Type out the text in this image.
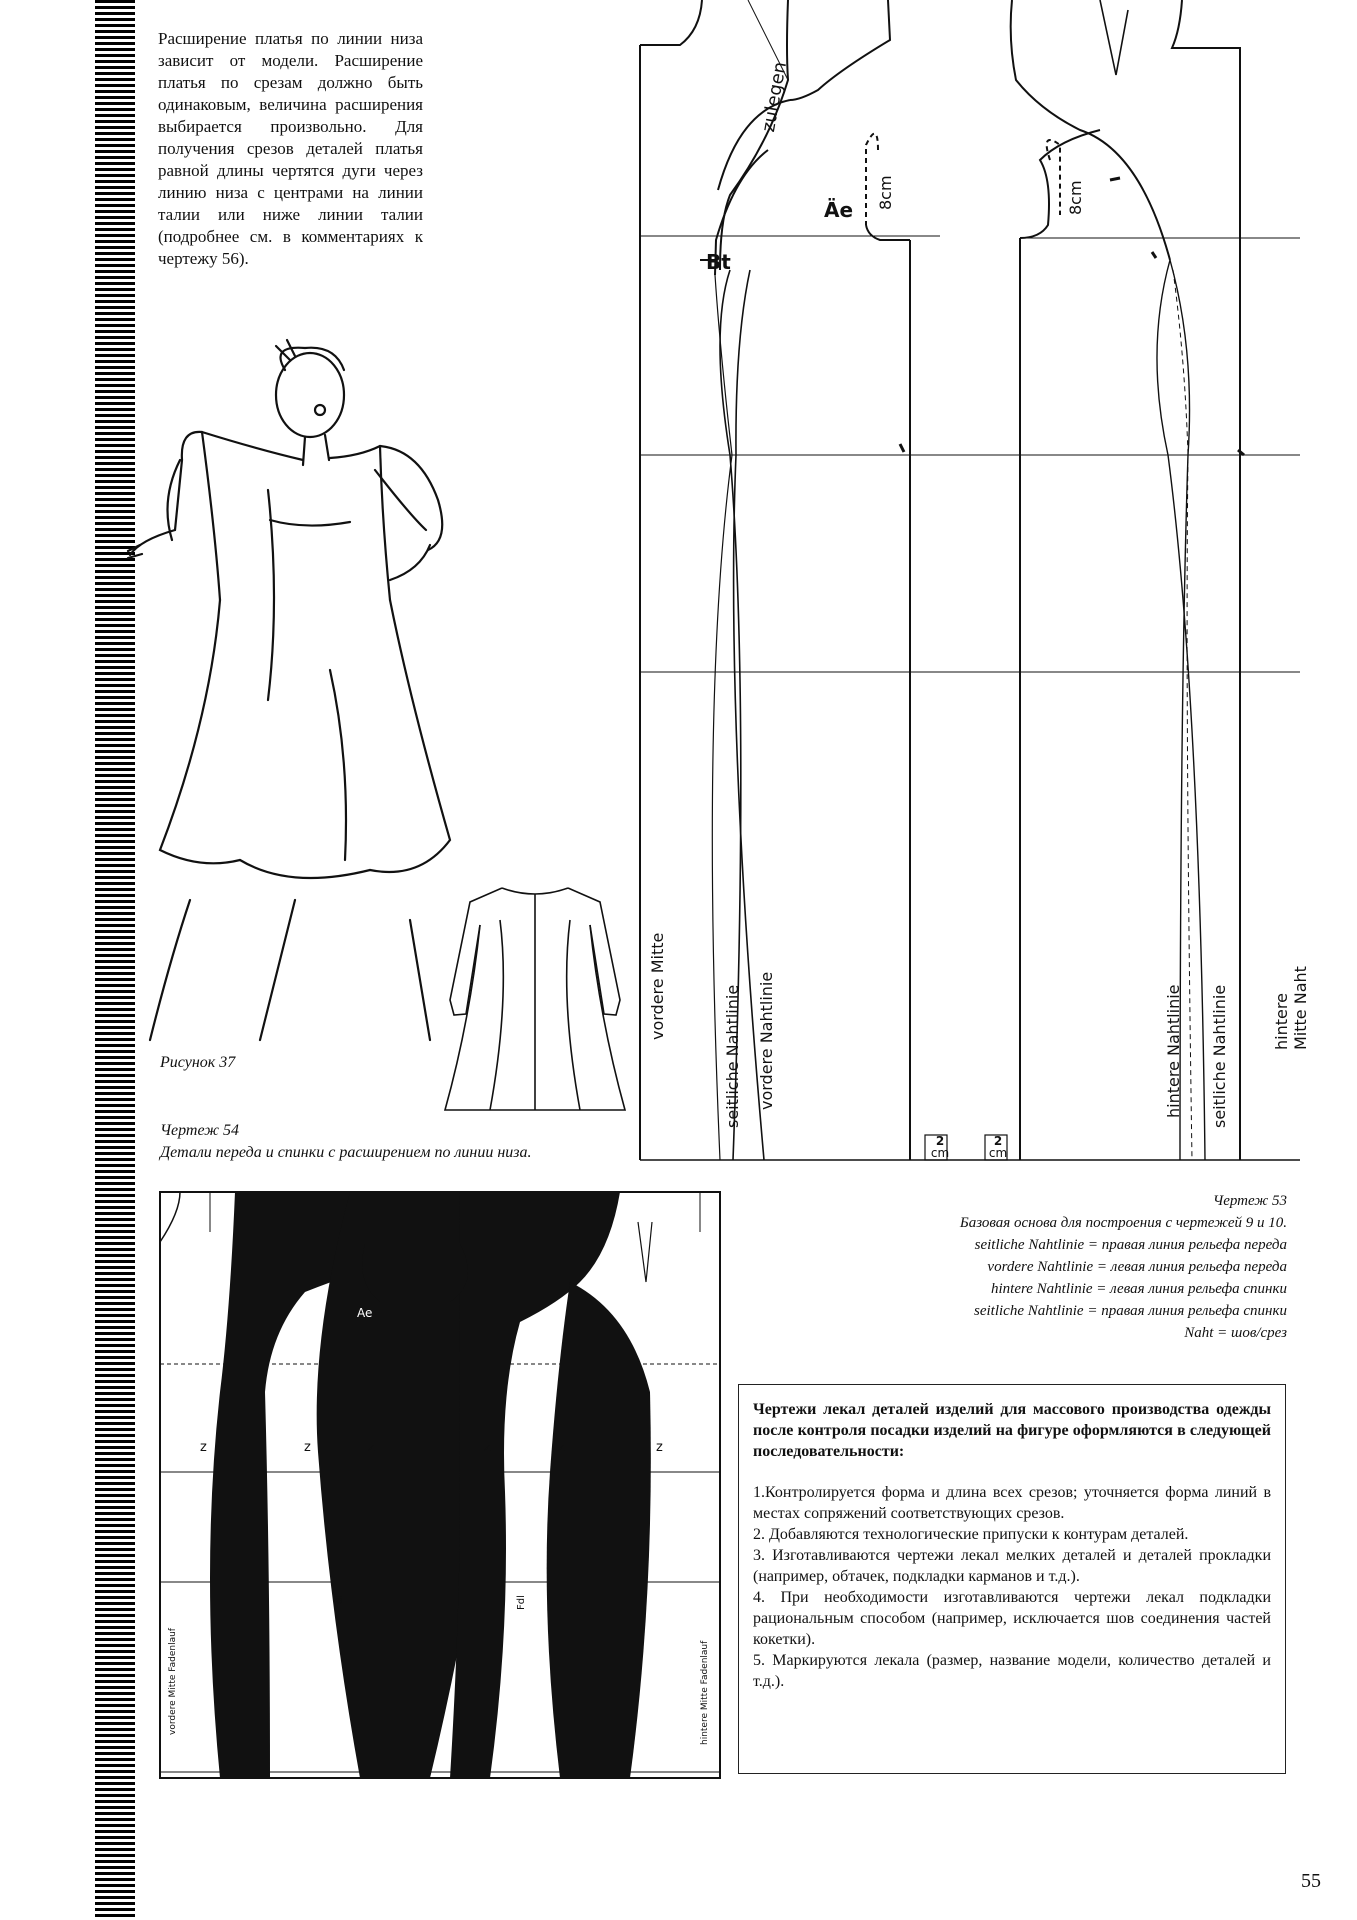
Расширение платья по линии низа зависит от модели. Расширение платья по срезам должно быть одинаковым, величина расширения выбирается произвольно. Для получения срезов деталей платья равной длины чертятся дуги через линию низа с центрами на линии талии или ниже линии талии (подробнее см. в комментариях к чертежу 56).
Рисунок 37
Чертеж 54
Детали переда и спинки с расширением по линии низа.
zulegen
Äe 8cm	8cm
Bt
vordere Mitte	seitliche Nahtlinie vordere Nahtlinie	hintere Nahtlinie seitliche Nahtlinie	hintere Mitte Naht
2
cm
2
cm
Ae
z	z	z	z	z	z
Fdl	Fdl
vordere Mitte Fadenlauf	hintere Mitte Fadenlauf
Чертеж 53
Базовая основа для построения с чертежей 9 и 10.
seitliche Nahtlinie = правая линия рельефа переда
vorderе Nahtlinie = левая линия рельефа переда
hintere Nahtlinie = левая линия рельефа спинки
seitliche Nahtlinie = правая линия рельефа спинки
Naht = шов/срез
Чертежи лекал деталей изделий для массового производства одежды после контроля посадки изделий на фигуре оформляются в следующей последовательности:

1.Контролируется форма и длина всех срезов; уточняется форма линий в местах сопряжений соответствующих срезов.

2. Добавляются технологические припуски к контурам деталей.

3. Изготавливаются чертежи лекал мелких деталей и деталей прокладки (например, обтачек, подкладки карманов и т.д.).

4. При необходимости изготавливаются чертежи лекал подкладки рациональным способом (например, исключается шов соединения частей кокетки).

5. Маркируются лекала (размер, название модели, количество деталей и т.д.).

55
